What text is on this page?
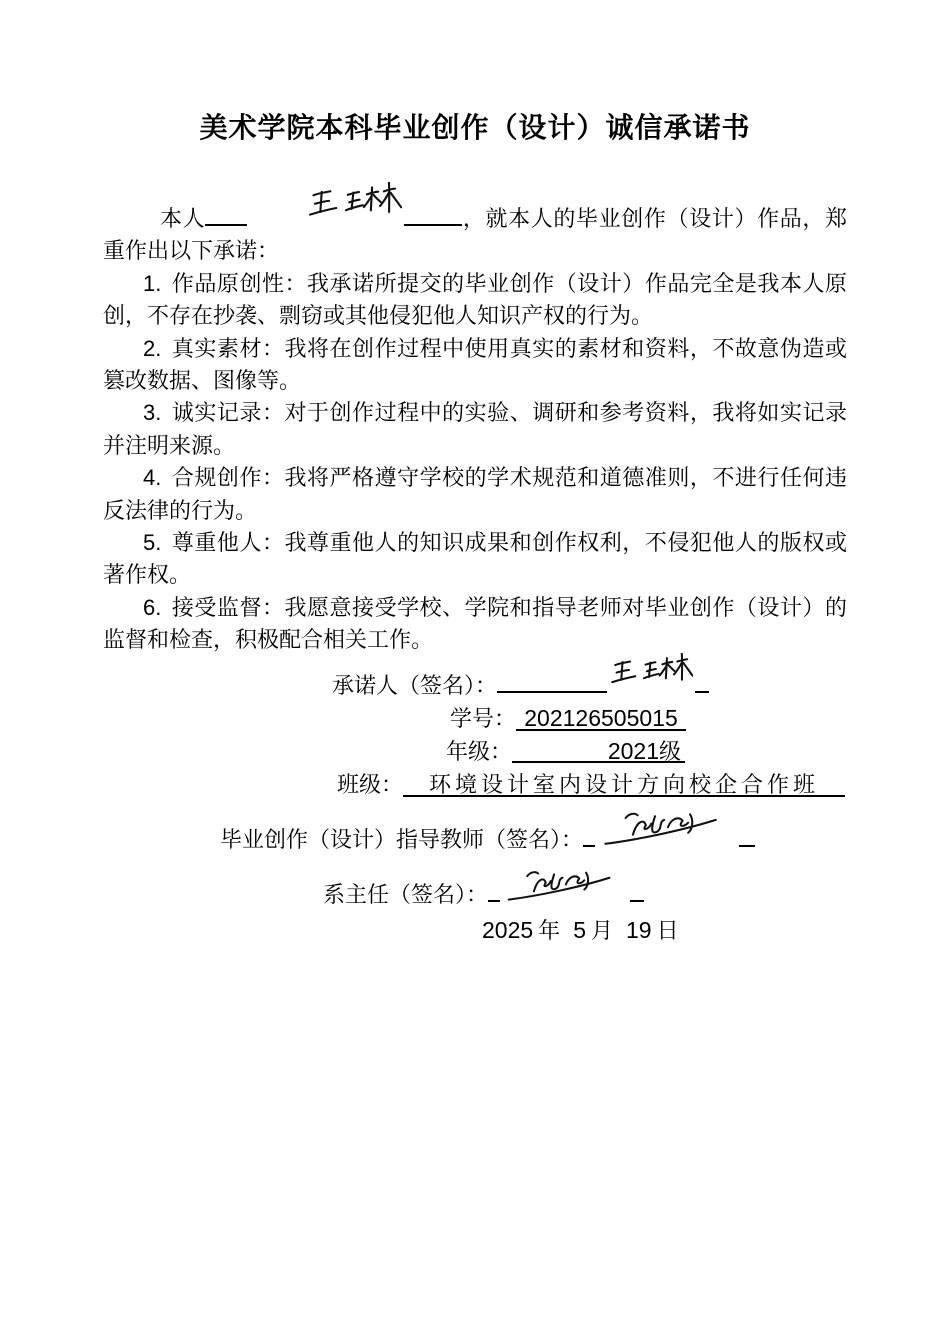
美术学院本科毕业创作（设计）诚信承诺书

本人	，就本人的毕业创作（设计）作品，郑重作出以下承诺：

1. 作品原创性：我承诺所提交的毕业创作（设计）作品完全是我本人原创，不存在抄袭、剽窃或其他侵犯他人知识产权的行为。

2. 真实素材：我将在创作过程中使用真实的素材和资料，不故意伪造或篡改数据、图像等。

3. 诚实记录：对于创作过程中的实验、调研和参考资料，我将如实记录并注明来源。

4. 合规创作：我将严格遵守学校的学术规范和道德准则，不进行任何违反法律的行为。

5. 尊重他人：我尊重他人的知识成果和创作权利，不侵犯他人的版权或著作权。

6. 接受监督：我愿意接受学校、学院和指导老师对毕业创作（设计）的监督和检查，积极配合相关工作。

承诺人（签名）：
学号： 202126505015
年级：	2021级
班级： 环境设计室内设计方向校企合作班
毕业创作（设计）指导教师（签名）：
系主任（签名）：
2025 年 5 月 19 日
